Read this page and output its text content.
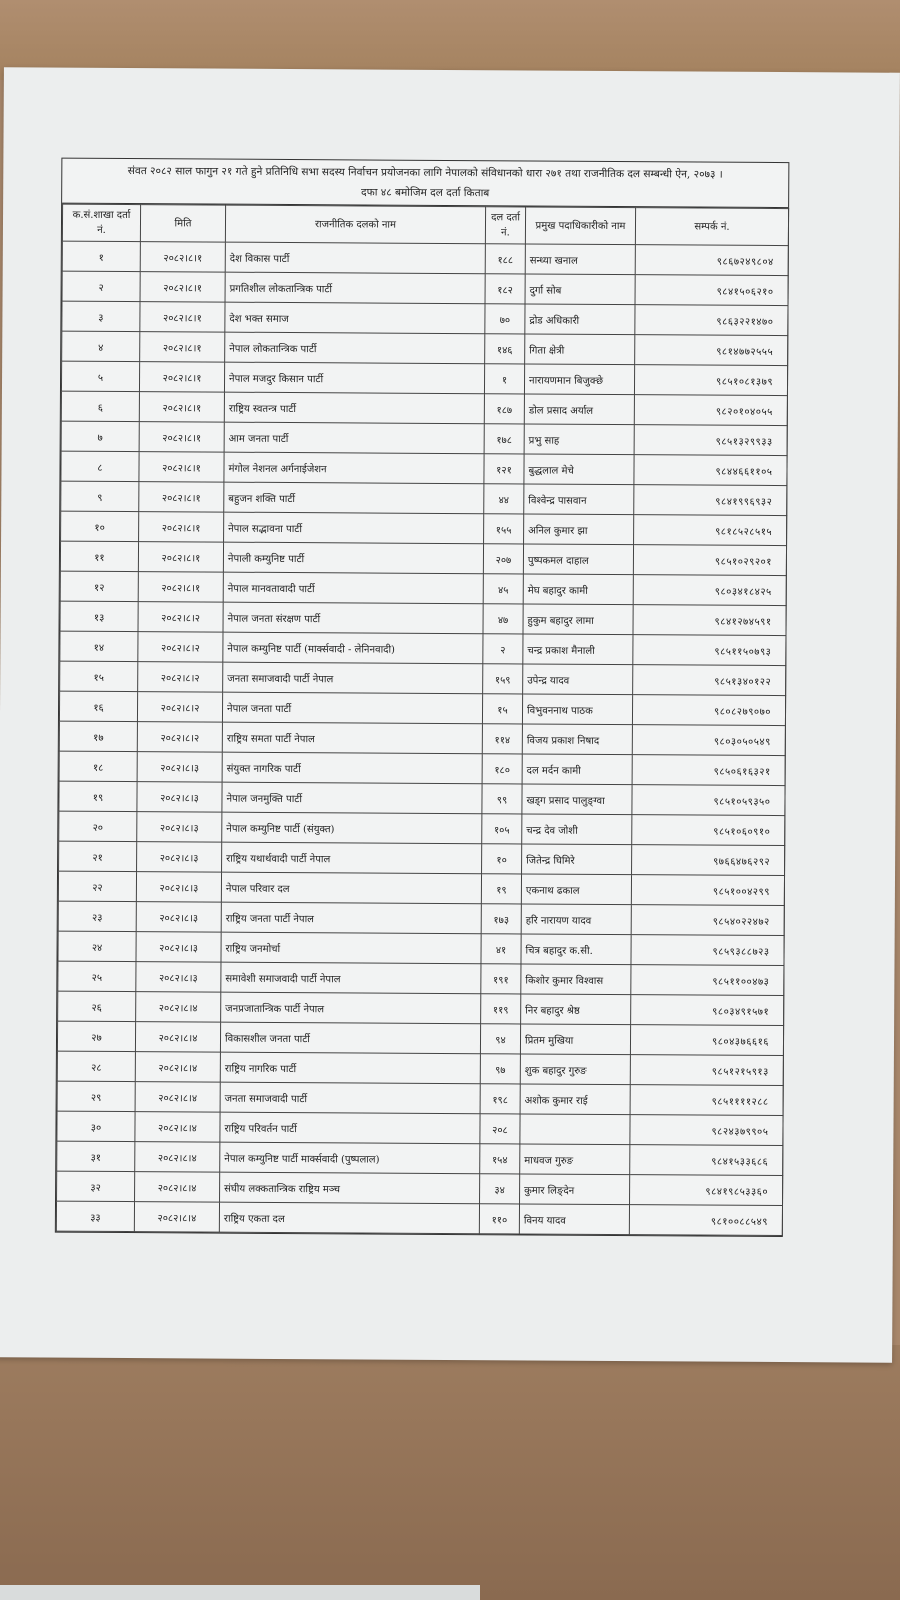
संवत २०८२ साल फागुन २१ गते हुने प्रतिनिधि सभा सदस्य निर्वाचन प्रयोजनका लागि नेपालको संविधानको धारा २७१ तथा राजनीतिक दल सम्बन्धी ऐन, २०७३ ।
दफा ४८ बमोजिम दल दर्ता किताब
क.सं.शाखा दर्ता नं.	मिति	राजनीतिक दलको नाम	दल दर्ता नं.	प्रमुख पदाधिकारीको नाम	सम्पर्क नं.
१	२०८२।८।१	देश विकास पार्टी	१८८	सन्ध्या खनाल	९८६७२४९८०४
२	२०८२।८।१	प्रगतिशील लोकतान्त्रिक पार्टी	१८२	दुर्गा सोब	९८४१५०६२१०
३	२०८२।८।१	देश भक्त समाज	७०	द्रोड अधिकारी	९८६३२२१४७०
४	२०८२।८।१	नेपाल लोकतान्त्रिक पार्टी	१४६	गिता क्षेत्री	९८१४७७२५५५
५	२०८२।८।१	नेपाल मजदुर किसान पार्टी	१	नारायणमान बिजुक्छे	९८५१०८१३७९
६	२०८२।८।१	राष्ट्रिय स्वतन्त्र पार्टी	१८७	डोल प्रसाद अर्याल	९८२०१०४०५५
७	२०८२।८।१	आम जनता पार्टी	१७८	प्रभु साह	९८५१३२९९३३
८	२०८२।८।१	मंगोल नेशनल अर्गनाईजेशन	१२१	बुद्धलाल मेचे	९८४४६६११०५
९	२०८२।८।१	बहुजन शक्ति पार्टी	४४	विश्वेन्द्र पासवान	९८४१९९६९३२
१०	२०८२।८।१	नेपाल सद्भावना पार्टी	१५५	अनिल कुमार झा	९८१८५२८५१५
११	२०८२।८।१	नेपाली कम्युनिष्ट पार्टी	२०७	पुष्पकमल दाहाल	९८५१०२९२०१
१२	२०८२।८।१	नेपाल मानवतावादी पार्टी	४५	मेघ बहादुर कामी	९८०३४१८४२५
१३	२०८२।८।२	नेपाल जनता संरक्षण पार्टी	४७	हुकुम बहादुर लामा	९८४१२७४५९१
१४	२०८२।८।२	नेपाल कम्युनिष्ट पार्टी (मार्क्सवादी - लेनिनवादी)	२	चन्द्र प्रकाश मैनाली	९८५११५०७९३
१५	२०८२।८।२	जनता समाजवादी पार्टी नेपाल	१५९	उपेन्द्र यादव	९८५१३४०१२२
१६	२०८२।८।२	नेपाल जनता पार्टी	१५	विभुवननाथ पाठक	९८०८२७९०७०
१७	२०८२।८।२	राष्ट्रिय समता पार्टी नेपाल	११४	विजय प्रकाश निषाद	९८०३०५०५४९
१८	२०८२।८।३	संयुक्त नागरिक पार्टी	१८०	दल मर्दन कामी	९८५०६१६३२१
१९	२०८२।८।३	नेपाल जनमुक्ति पार्टी	९९	खड्ग प्रसाद पालुङ्ग्वा	९८५१०५९३५०
२०	२०८२।८।३	नेपाल कम्युनिष्ट पार्टी (संयुक्त)	१०५	चन्द्र देव जोशी	९८५१०६०९१०
२१	२०८२।८।३	राष्ट्रिय यथार्थवादी पार्टी नेपाल	१०	जितेन्द्र घिमिरे	९७६६४७६२९२
२२	२०८२।८।३	नेपाल परिवार दल	१९	एकनाथ ढकाल	९८५१००४२९९
२३	२०८२।८।३	राष्ट्रिय जनता पार्टी नेपाल	१७३	हरि नारायण यादव	९८५४०२२४७२
२४	२०८२।८।३	राष्ट्रिय जनमोर्चा	४१	चित्र बहादुर क.सी.	९८५९३८८७२३
२५	२०८२।८।३	समावेशी समाजवादी पार्टी नेपाल	१९१	किशोर कुमार विश्वास	९८५११००४७३
२६	२०८२।८।४	जनप्रजातान्त्रिक पार्टी नेपाल	११९	निर बहादुर श्रेष्ठ	९८०३४९१५७१
२७	२०८२।८।४	विकासशील जनता पार्टी	९४	प्रितम मुखिया	९८०४३७६६१६
२८	२०८२।८।४	राष्ट्रिय नागरिक पार्टी	९७	शुक बहादुर गुरुङ	९८५१२१५९१३
२९	२०८२।८।४	जनता समाजवादी पार्टी	१९८	अशोक कुमार राई	९८५११११२८८
३०	२०८२।८।४	राष्ट्रिय परिवर्तन पार्टी	२०८		९८२४३७९९०५
३१	२०८२।८।४	नेपाल कम्युनिष्ट पार्टी मार्क्सवादी (पुष्पलाल)	१५४	माधवज गुरुङ	९८४१५३३६८६
३२	२०८२।८।४	संघीय लक्कतान्त्रिक राष्ट्रिय मञ्च	३४	कुमार लिङ्देन	९८४१९८५३३६०
३३	२०८२।८।४	राष्ट्रिय एकता दल	११०	विनय यादव	९८१००८८५४९
